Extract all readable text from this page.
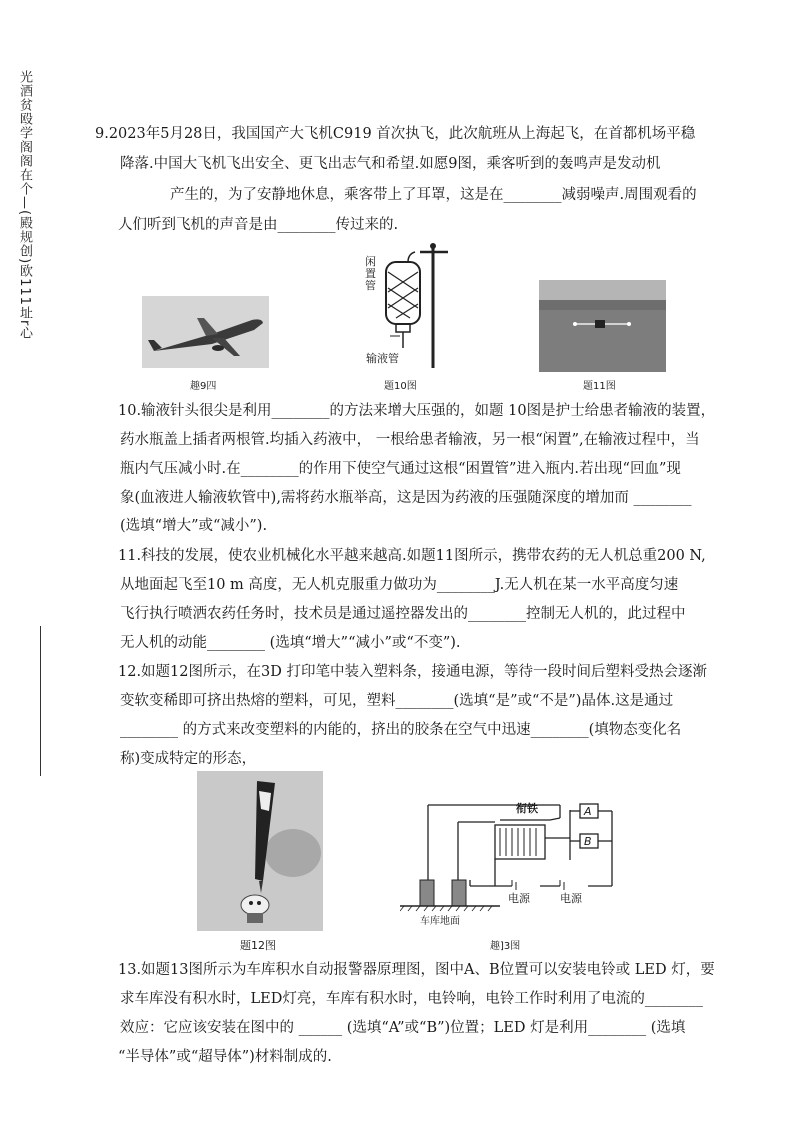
光酒贫殴学阁阁在个—(殿规创)欧111址r心	9.2023年5月28日，我国国产大飞机C919 首次执飞，此次航班从上海起飞，在首都机场平稳
降落.中国大飞机飞出安全、更飞出志气和希望.如愿9图，乘客听到的轰鸣声是发动机
产生的，为了安静地休息，乘客带上了耳罩，这是在________减弱噪声.周围观看的
人们听到飞机的声音是由________传过来的.
趣9四
闲
置
管
输液管
题10图	题11图
10.输液针头很尖是利用________的方法来增大压强的，如题 10图是护士给患者输液的装置，
药水瓶盖上插者两根管.均插入药液中， 一根给患者输液，另一根“闲置”,在输液过程中，当
瓶内气压减小时.在________的作用下使空气通过这根“困置管”进入瓶内.若出现“回血”现
象(血液进人输液软管中),需将药水瓶举高，这是因为药液的压强随深度的增加而 ________
(选填“增大”或“减小”).
11.科技的发展，使农业机械化水平越来越高.如题11图所示，携带农药的无人机总重200 N,
从地面起飞至10 m 高度，无人机克服重力做功为________J.无人机在某一水平高度匀速
飞行执行喷洒农药任务时，技术员是通过遥控器发出的________控制无人机的，此过程中
无人机的动能________ (选填“增大”“减小”或“不变”).
12.如题12图所示，在3D 打印笔中装入塑料条，接通电源，等待一段时间后塑料受热会逐渐
变软变稀即可挤出热熔的塑料，可见，塑料________(选填“是”或“不是”)晶体.这是通过
________ 的方式来改变塑料的内能的，挤出的胶条在空气中迅速________(填物态变化名
称)变成特定的形态，
题12图
衔铁	A
B
电源	电源
车库地面
趣]3图
13.如题13图所示为车库积水自动报警器原理图，图中A、B位置可以安装电铃或 LED 灯，要
求车库没有积水时，LED灯亮，车库有积水时，电铃响，电铃工作时利用了电流的________
效应：它应该安装在图中的 ______ (选填“A”或“B”)位置；LED 灯是利用________ (选填
“半导体”或“超导体”)材料制成的.
